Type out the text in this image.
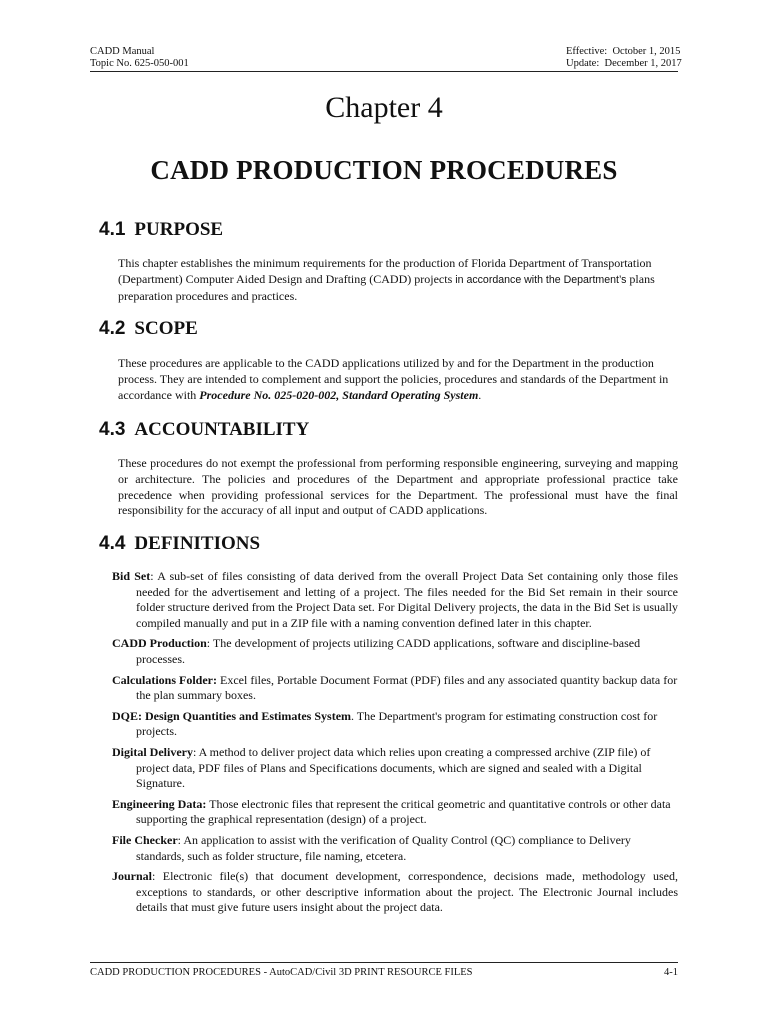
CADD Manual
Topic No. 625-050-001
Effective: October 1, 2015
Update: December 1, 2017
Chapter 4
CADD PRODUCTION PROCEDURES
4.1 PURPOSE
This chapter establishes the minimum requirements for the production of Florida Department of Transportation (Department) Computer Aided Design and Drafting (CADD) projects in accordance with the Department’s plans preparation procedures and practices.
4.2 SCOPE
These procedures are applicable to the CADD applications utilized by and for the Department in the production process. They are intended to complement and support the policies, procedures and standards of the Department in accordance with Procedure No. 025-020-002, Standard Operating System.
4.3 ACCOUNTABILITY
These procedures do not exempt the professional from performing responsible engineering, surveying and mapping or architecture. The policies and procedures of the Department and appropriate professional practice take precedence when providing professional services for the Department. The professional must have the final responsibility for the accuracy of all input and output of CADD applications.
4.4 DEFINITIONS
Bid Set: A sub-set of files consisting of data derived from the overall Project Data Set containing only those files needed for the advertisement and letting of a project. The files needed for the Bid Set remain in their source folder structure derived from the Project Data set. For Digital Delivery projects, the data in the Bid Set is usually compiled manually and put in a ZIP file with a naming convention defined later in this chapter.
CADD Production: The development of projects utilizing CADD applications, software and discipline-based processes.
Calculations Folder: Excel files, Portable Document Format (PDF) files and any associated quantity backup data for the plan summary boxes.
DQE: Design Quantities and Estimates System. The Department's program for estimating construction cost for projects.
Digital Delivery: A method to deliver project data which relies upon creating a compressed archive (ZIP file) of project data, PDF files of Plans and Specifications documents, which are signed and sealed with a Digital Signature.
Engineering Data: Those electronic files that represent the critical geometric and quantitative controls or other data supporting the graphical representation (design) of a project.
File Checker: An application to assist with the verification of Quality Control (QC) compliance to Delivery standards, such as folder structure, file naming, etcetera.
Journal: Electronic file(s) that document development, correspondence, decisions made, methodology used, exceptions to standards, or other descriptive information about the project. The Electronic Journal includes details that must give future users insight about the project data.
CADD PRODUCTION PROCEDURES - AutoCAD/Civil 3D PRINT RESOURCE FILES	4-1
